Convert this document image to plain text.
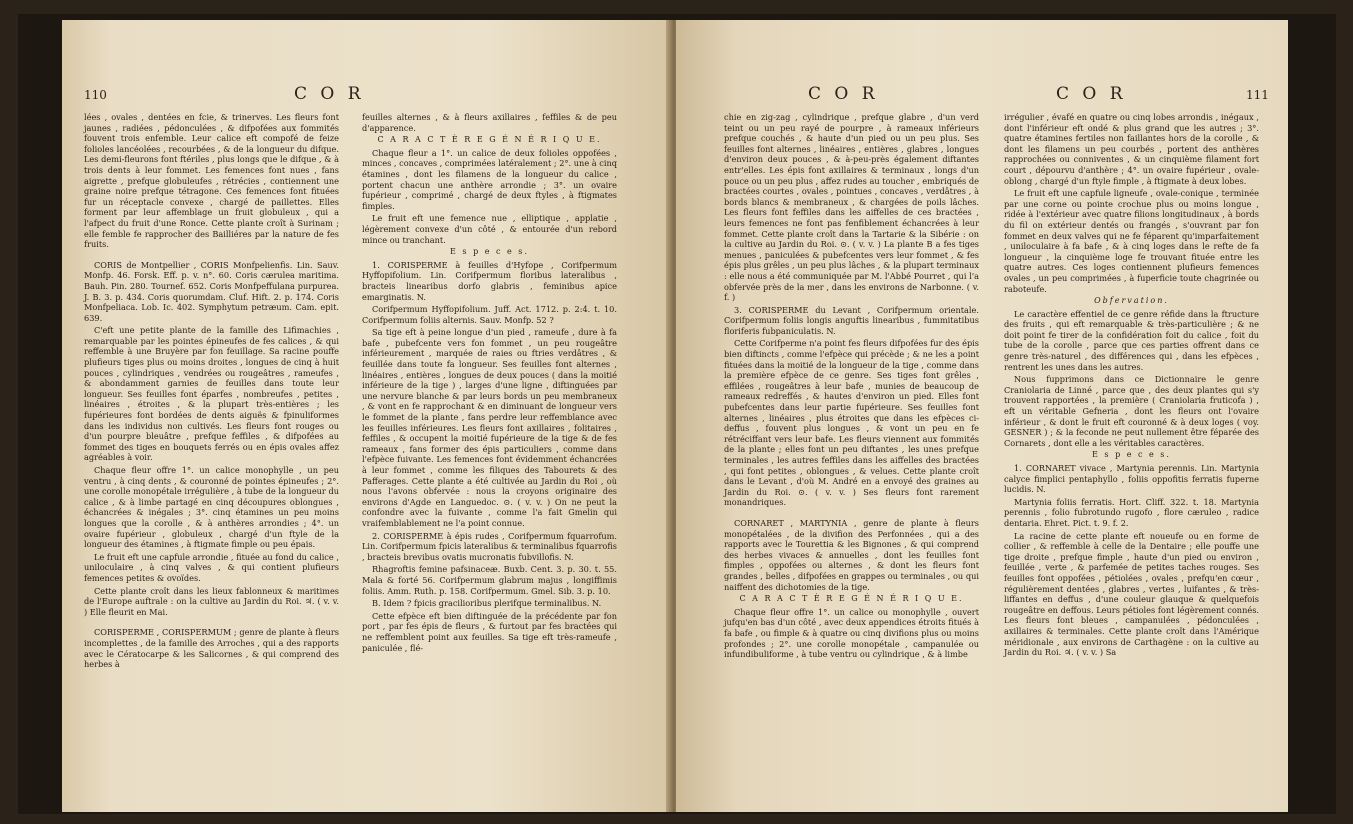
110	C O R

lées , ovales , dentées en fcie, & trinerves. Les fleurs font jaunes , radiées , pédonculées , & difpofées aux fommités fouvent trois enfemble. Leur calice eft compofé de feize folioles lancéolées , recourbées , & de la longueur du difque. Les demi-fleurons font ftériles , plus longs que le difque , & à trois dents à leur fommet. Les femences font nues , fans aigrette , prefque globuleufes , rétrécies , contiennent une graine noire prefque tétragone. Ces femences font fituées fur un réceptacle convexe , chargé de paillettes. Elles forment par leur affemblage un fruit globuleux , qui a l'afpect du fruit d'une Ronce. Cette plante croît à Surinam ; elle femble fe rapprocher des Bailliéres par la nature de fes fruits.

CORIS de Montpellier , CORIS Monfpelienfis. Lin. Sauv. Monfp. 46. Forsk. Eff. p. v. n°. 60. Coris cærulea maritima. Bauh. Pin. 280. Tournef. 652. Coris Monfpeffulana purpurea. J. B. 3. p. 434. Coris quorumdam. Cluf. Hift. 2. p. 174. Coris Monfpeliaca. Lob. Ic. 402. Symphytum petræum. Cam. epit. 639.

C'eft une petite plante de la famille des Lifimachies , remarquable par les pointes épineufes de fes calices , & qui reffemble à une Bruyère par fon feuillage. Sa racine pouffe plufieurs tiges plus ou moins droites , longues de cinq à huit pouces , cylindriques , vendrées ou rougeâtres , rameufes , & abondamment garnies de feuilles dans toute leur longueur. Ses feuilles font éparfes , nombreufes , petites , linéaires , étroites , & la plupart très-entières ; les fupérieures font bordées de dents aiguës & fpinuliformes dans les individus non cultivés. Les fleurs font rouges ou d'un pourpre bleuâtre , prefque feffiles , & difpofées au fommet des tiges en bouquets ferrés ou en épis ovales affez agréables à voir.

Chaque fleur offre 1°. un calice monophylle , un peu ventru , à cinq dents , & couronné de pointes épineufes ; 2°. une corolle monopétale irrégulière , à tube de la longueur du calice , & à limbe partagé en cinq découpures oblongues , échancrées & inégales ; 3°. cinq étamines un peu moins longues que la corolle , & à anthères arrondies ; 4°. un ovaire fupérieur , globuleux , chargé d'un ftyle de la longueur des étamines , à ftigmate fimple ou peu épais.

Le fruit eft une capfule arrondie , fituée au fond du calice , uniloculaire , à cinq valves , & qui contient plufieurs femences petites & ovoïdes.

Cette plante croît dans les lieux fablonneux & maritimes de l'Europe auftrale : on la cultive au Jardin du Roi. ♃. ( v. v. ) Elle fleurit en Mai.

CORISPERME , CORISPERMUM ; genre de plante à fleurs incomplettes , de la famille des Arroches , qui a des rapports avec le Cératocarpe & les Salicornes , & qui comprend des herbes à

feuilles alternes , & à fleurs axillaires , feffiles & de peu d'apparence.

C A R A C T È R E G É N É R I Q U E.

Chaque fleur a 1°. un calice de deux folioles oppofées , minces , concaves , comprimées latéralement ; 2°. une à cinq étamines , dont les filamens de la longueur du calice , portent chacun une anthère arrondie ; 3°. un ovaire fupérieur , comprimé , chargé de deux ftyles , à ftigmates fimples.

Le fruit eft une femence nue , elliptique , applatie , légèrement convexe d'un côté , & entourée d'un rebord mince ou tranchant.

E s p e c e s.

1. CORISPERME à feuilles d'Hyfope , Corifpermum Hyffopifolium. Lin. Corifpermum floribus lateralibus , bracteis linearibus dorfo glabris , feminibus apice emarginatis. N.

Corifpermum Hyffopifolium. Juff. Act. 1712. p. 2:4. t. 10. Corifpermum foliis alternis. Sauv. Monfp. 52 ?

Sa tige eft à peine longue d'un pied , rameufe , dure à fa bafe , pubefcente vers fon fommet , un peu rougeâtre inférieurement , marquée de raies ou ftries verdâtres , & feuillée dans toute fa longueur. Ses feuilles font alternes , linéaires , entières , longues de deux pouces ( dans la moitié inférieure de la tige ) , larges d'une ligne , diftinguées par une nervure blanche & par leurs bords un peu membraneux , & vont en fe rapprochant & en diminuant de longueur vers le fommet de la plante , fans perdre leur reffemblance avec les feuilles inférieures. Les fleurs font axillaires , folitaires , feffiles , & occupent la moitié fupérieure de la tige & de fes rameaux , fans former des épis particuliers , comme dans l'efpèce fuivante. Les femences font évidemment échancrées à leur fommet , comme les filiques des Tabourets & des Pafferages. Cette plante a été cultivée au Jardin du Roi , où nous l'avons obfervée : nous la croyons originaire des environs d'Agde en Languedoc. ⊙. ( v. v. ) On ne peut la confondre avec la fuivante , comme l'a fait Gmelin qui vraifemblablement ne l'a point connue.

2. CORISPERME à épis rudes , Corifpermum fquarrofum. Lin. Corifpermum fpicis lateralibus & terminalibus fquarrofis , bracteis brevibus ovatis mucronatis fubvillofis. N.

Rhagroftis femine pafsinaceæ. Buxb. Cent. 3. p. 30. t. 55. Mala & forté 56. Corifpermum glabrum majus , longiffimis foliis. Amm. Ruth. p. 158. Corifpermum. Gmel. Sib. 3. p. 10.

B. Idem ? fpicis gracilioribus plerifque terminalibus. N.

Cette efpèce eft bien diftinguée de la précédente par fon port , par fes épis de fleurs , & furtout par fes bractées qui ne reffemblent point aux feuilles. Sa tige eft très-rameufe , paniculée , flé-

C O R	C O R	111

chie en zig-zag , cylindrique , prefque glabre , d'un verd teint ou un peu rayé de pourpre , à rameaux inférieurs prefque couchés , & haute d'un pied ou un peu plus. Ses feuilles font alternes , linéaires , entières , glabres , longues d'environ deux pouces , & à-peu-près également diftantes entr'elles. Les épis font axillaires & terminaux , longs d'un pouce ou un peu plus , affez rudes au toucher , embriqués de bractées courtes , ovales , pointues , concaves , verdâtres , à bords blancs & membraneux , & chargées de poils lâches. Les fleurs font feffiles dans les aiffelles de ces bractées , leurs femences ne font pas fenfiblement échancrées à leur fommet. Cette plante croît dans la Tartarie & la Sibérie : on la cultive au Jardin du Roi. ⊙. ( v. v. ) La plante B a fes tiges menues , paniculées & pubefcentes vers leur fommet , & fes épis plus grêles , un peu plus lâches , & la plupart terminaux : elle nous a été communiquée par M. l'Abbé Pourret , qui l'a obfervée près de la mer , dans les environs de Narbonne. ( v. f. )

3. CORISPERME du Levant , Corifpermum orientale. Corifpermum foliis longis anguftis linearibus , fummitatibus floriferis fubpaniculatis. N.

Cette Corifperme n'a point fes fleurs difpofées fur des épis bien diftincts , comme l'efpèce qui précède ; & ne les a point fituées dans la moitié de la longueur de la tige , comme dans la première efpèce de ce genre. Ses tiges font grêles , effilées , rougeâtres à leur bafe , munies de beaucoup de rameaux redreffés , & hautes d'environ un pied. Elles font pubefcentes dans leur partie fupérieure. Ses feuilles font alternes , linéaires , plus étroites que dans les efpèces ci-deffus , fouvent plus longues , & vont un peu en fe rétréciffant vers leur bafe. Les fleurs viennent aux fommités de la plante ; elles font un peu diftantes , les unes prefque terminales , les autres feffiles dans les aiffelles des bractées , qui font petites , oblongues , & velues. Cette plante croît dans le Levant , d'où M. André en a envoyé des graines au Jardin du Roi. ⊙. ( v. v. ) Ses fleurs font rarement monandriques.

CORNARET , MARTYNIA , genre de plante à fleurs monopétalées , de la divifion des Perfonnées , qui a des rapports avec le Tourettia & les Bignones , & qui comprend des herbes vivaces & annuelles , dont les feuilles font fimples , oppofées ou alternes , & dont les fleurs font grandes , belles , difpofées en grappes ou terminales , ou qui naiffent des dichotomies de la tige.

C A R A C T È R E G É N É R I Q U E.

Chaque fleur offre 1°. un calice ou monophylle , ouvert jufqu'en bas d'un côté , avec deux appendices étroits fitués à fa bafe , ou fimple & à quatre ou cinq divifions plus ou moins profondes ; 2°. une corolle monopétale , campanulée ou infundibuliforme , à tube ventru ou cylindrique , & à limbe

irrégulier , évafé en quatre ou cinq lobes arrondis , inégaux , dont l'inférieur eft ondé & plus grand que les autres ; 3°. quatre étamines fertiles non faillantes hors de la corolle , & dont les filamens un peu courbés , portent des anthères rapprochées ou conniventes , & un cinquième filament fort court , dépourvu d'anthère ; 4°. un ovaire fupérieur , ovale-oblong , chargé d'un ftyle fimple , à ftigmate à deux lobes.

Le fruit eft une capfule ligneufe , ovale-conique , terminée par une corne ou pointe crochue plus ou moins longue , ridée à l'extérieur avec quatre filions longitudinaux , à bords du fil on extérieur dentés ou frangés , s'ouvrant par fon fommet en deux valves qui ne fe féparent qu'imparfaitement , uniloculaire à fa bafe , & à cinq loges dans le refte de fa longueur , la cinquième loge fe trouvant fituée entre les quatre autres. Ces loges contiennent plufieurs femences ovales , un peu comprimées , à fuperficie toute chagrinée ou raboteufe.

Obfervation.

Le caractère effentiel de ce genre réfide dans la ftructure des fruits , qui eft remarquable & très-particulière ; & ne doit point fe tirer de la confidération foit du calice , foit du tube de la corolle , parce que ces parties offrent dans ce genre très-naturel , des différences qui , dans les efpèces , rentrent les unes dans les autres.

Nous fupprimons dans ce Dictionnaire le genre Craniolaria de Linné , parce que , des deux plantes qui s'y trouvent rapportées , la première ( Craniolaria fruticofa ) , eft un véritable Gefneria , dont les fleurs ont l'ovaire inférieur , & dont le fruit eft couronné & à deux loges ( voy. GESNER ) ; & la feconde ne peut nullement être féparée des Cornarets , dont elle a les véritables caractères.

E s p e c e s.

1. CORNARET vivace , Martynia perennis. Lin. Martynia calyce fimplici pentaphyllo , foliis oppofitis ferratis fuperne lucidis. N.

Martynia foliis ferratis. Hort. Cliff. 322. t. 18. Martynia perennis , folio fubrotundo rugofo , flore cæruleo , radice dentaria. Ehret. Pict. t. 9. f. 2.

La racine de cette plante eft noueufe ou en forme de collier , & reffemble à celle de la Dentaire ; elle pouffe une tige droite , prefque fimple , haute d'un pied ou environ , feuillée , verte , & parfemée de petites taches rouges. Ses feuilles font oppofées , pétiolées , ovales , prefqu'en cœur , régulièrement dentées , glabres , vertes , luifantes , & très-liffantes en deffus , d'une couleur glauque & quelquefois rougeâtre en deffous. Leurs pétioles font légèrement connés. Les fleurs font bleues , campanulées , pédonculées , axillaires & terminales. Cette plante croît dans l'Amérique méridionale , aux environs de Carthagène : on la cultive au Jardin du Roi. ♃. ( v. v. ) Sa
